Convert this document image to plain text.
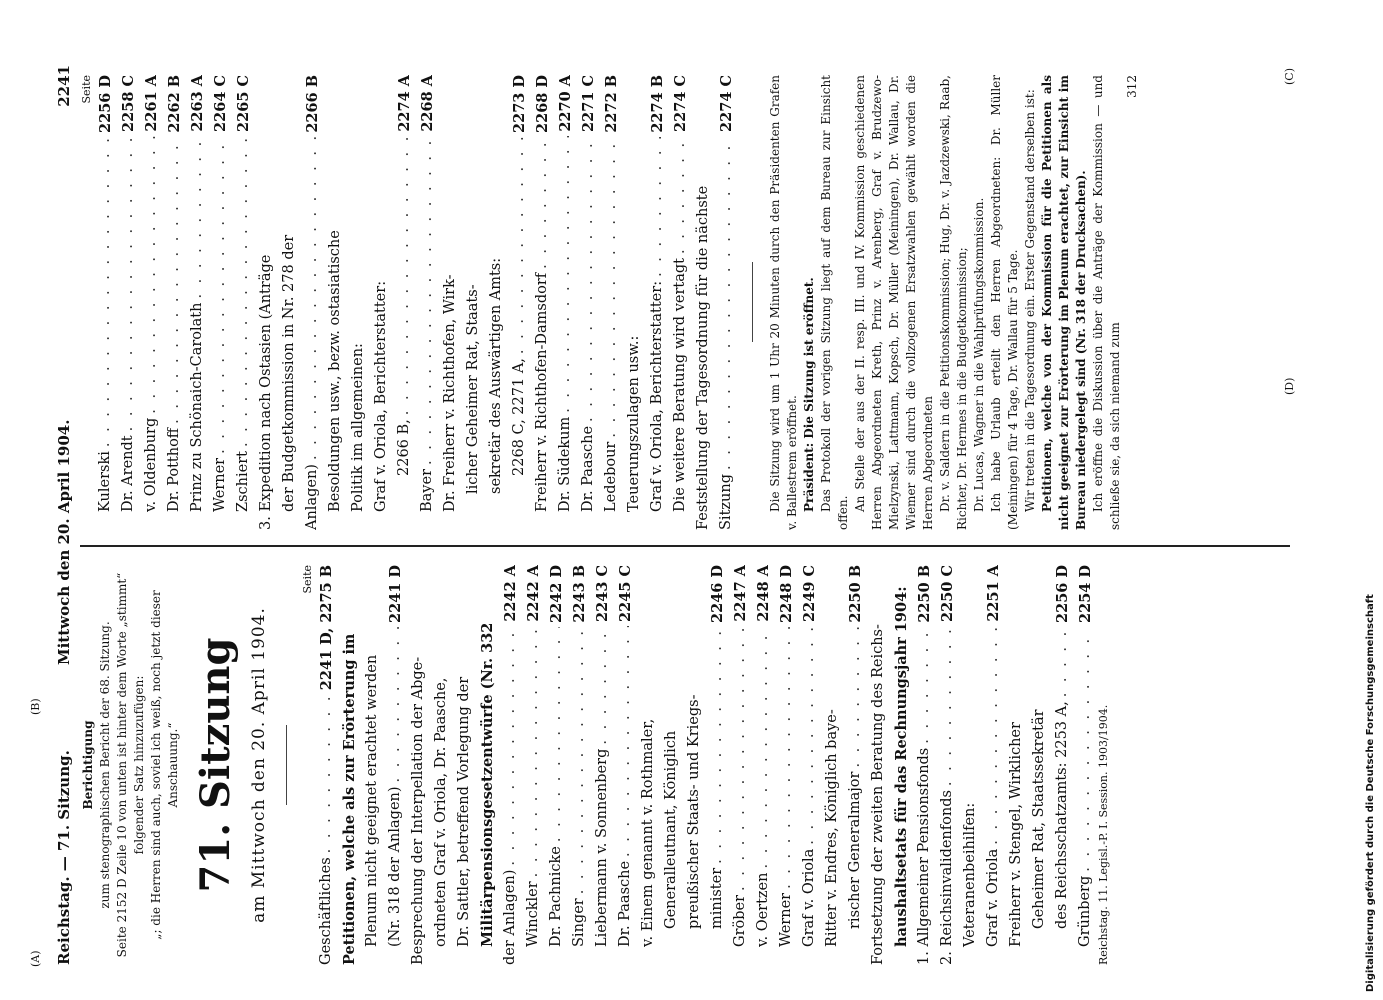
Reichstag. — 71. Sitzung.
Mittwoch den 20. April 1904.
2241
(A)
(B)
(C)
(D)
Berichtigung zum stenographischen Bericht der 68. Sitzung. Seite 2152 D Zeile 10 von unten ist hinter dem Worte „stimmt“ folgender Satz hinzuzufügen: „; die Herren sind auch, soviel ich weiß, noch jetzt dieser Anschauung.“ 71. Sitzung am Mittwoch den 20. April 1904.
Seite
Geschäftliches
. . .
2241 D, 2275 B
Petitionen, welche als zur Erörterung im Plenum nicht geeignet erachtet werden (Nr. 318 der Anlagen)
. . .
2241 D
Besprechung der Interpellation der Abge- ordneten Graf v. Oriola, Dr. Paasche, Dr. Sattler, betreffend Vorlegung der Militärpensionsgesetzentwürfe (Nr. 332 der Anlagen)
. . .
2242 A
Winckler
. . .
2242 A
Dr. Pachnicke
. . .
2242 D
Singer
. . .
2243 B
Liebermann v. Sonnenberg
. . .
2243 C
Dr. Paasche
. . .
2245 C
v. Einem genannt v. Rothmaler, Generalleutnant, Königlich preußischer Staats- und Kriegs- minister
. . .
2246 D
Gröber
. . .
2247 A
v. Oertzen
. . .
2248 A
Werner
. . .
2248 D
Graf v. Oriola
. . .
2249 C
Ritter v. Endres, Königlich baye- rischer Generalmajor
. . .
2250 B
Fortsetzung der zweiten Beratung des Reichs- haushaltsetats für das Rechnungsjahr 1904: 1. Allgemeiner Pensionsfonds
. . .
2250 B
2. Reichsinvalidenfonds
. . .
2250 C
Veteranenbeihilfen: Graf v. Oriola
. . .
2251 A
Freiherr v. Stengel, Wirklicher Geheimer Rat, Staatssekretär des Reichsschatzamts: 2253 A,
. . .
2256 D
Grünberg
. . .
2254 D
Reichstag. 11. Legisl.-P. I. Session. 1903/1904.
Seite
Kulerski
. . .
2256 D
Dr. Arendt
. . .
2258 C
v. Oldenburg
. . .
2261 A
Dr. Potthoff
. . .
2262 B
Prinz zu Schönaich-Carolath
. . .
2263 A
Werner
. . .
2264 C
Zschiert
. . .
2265 C
3. Expedition nach Ostasien (Anträge der Budgetkommission in Nr. 278 der Anlagen)
. . .
2266 B
Besoldungen usw., bezw. ostasiatische Politik im allgemeinen: Graf v. Oriola, Berichterstatter: 2266 B,
. . .
2274 A
Bayer
. . .
2268 A
Dr. Freiherr v. Richthofen, Wirk- licher Geheimer Rat, Staats- sekretär des Auswärtigen Amts: 2268 C, 2271 A,
. . .
2273 D
Freiherr v. Richthofen-Damsdorf
. . .
2268 D
Dr. Südekum
. . .
2270 A
Dr. Paasche
. . .
2271 C
Ledebour
. . .
2272 B
Teuerungszulagen usw.: Graf v. Oriola, Berichterstatter:
. . .
2274 B
Die weitere Beratung wird vertagt
. . .
2274 C
Feststellung der Tagesordnung für die nächste Sitzung
. . .
2274 C	Die Sitzung wird um 1 Uhr 20 Minuten durch den Präsidenten Grafen v. Ballestrem eröffnet. Präsident: Die Sitzung ist eröffnet. Das Protokoll der vorigen Sitzung liegt auf dem Bureau zur Einsicht offen.
An Stelle der aus der II. resp. III. und IV. Kommission geschiedenen Herren Abgeordneten Kreth, Prinz v. Arenberg, Graf v. Brudzewo-Mielzynski, Lattmann, Kopsch, Dr. Müller (Meiningen), Dr. Wallau, Dr. Wiemer sind durch die vollzogenen Ersatzwahlen gewählt worden die Herren Abgeordneten Dr. v. Saldern in die Petitionskommission; Hug, Dr. v. Jazdzewski, Raab, Richter, Dr. Hermes in die Budgetkommission; Dr. Lucas, Wagner in die Wahlprüfungskommission. Ich habe Urlaub erteilt den Herren Abgeordneten: Dr. Müller (Meiningen) für 4 Tage, Dr. Wallau für 5 Tage. Wir treten in die Tagesordnung ein. Erster Gegenstand derselben ist: Petitionen, welche von der Kommission für die Petitionen als nicht geeignet zur Erörterung im Plenum erachtet, zur Einsicht im Bureau niedergelegt sind (Nr. 318 der Drucksachen). Ich eröffne die Diskussion über die Anträge der Kommission — und schließe sie, da sich niemand zum
312
Digitalisierung gefördert durch die Deutsche Forschungsgemeinschaft
